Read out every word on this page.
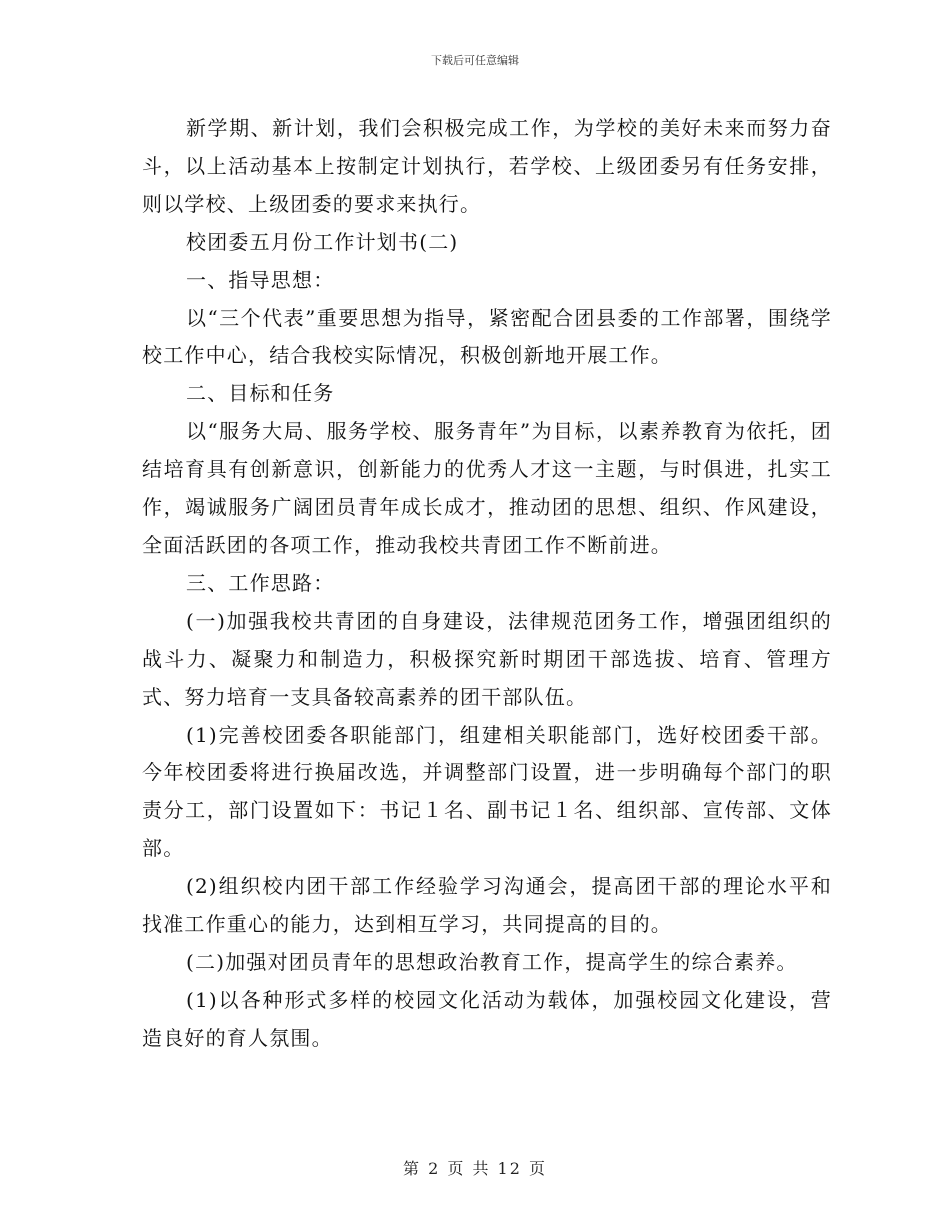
下载后可任意编辑

新学期、新计划，我们会积极完成工作，为学校的美好未来而努力奋斗，以上活动基本上按制定计划执行，若学校、上级团委另有任务安排，则以学校、上级团委的要求来执行。

校团委五月份工作计划书(二)

一、指导思想：

以“三个代表”重要思想为指导，紧密配合团县委的工作部署，围绕学校工作中心，结合我校实际情况，积极创新地开展工作。

二、目标和任务

以“服务大局、服务学校、服务青年”为目标，以素养教育为依托，团结培育具有创新意识，创新能力的优秀人才这一主题，与时俱进，扎实工作，竭诚服务广阔团员青年成长成才，推动团的思想、组织、作风建设，全面活跃团的各项工作，推动我校共青团工作不断前进。

三、工作思路：

(一)加强我校共青团的自身建设，法律规范团务工作，增强团组织的战斗力、凝聚力和制造力，积极探究新时期团干部选拔、培育、管理方式、努力培育一支具备较高素养的团干部队伍。

(1)完善校团委各职能部门，组建相关职能部门，选好校团委干部。今年校团委将进行换届改选，并调整部门设置，进一步明确每个部门的职责分工，部门设置如下：书记１名、副书记１名、组织部、宣传部、文体部。

(2)组织校内团干部工作经验学习沟通会，提高团干部的理论水平和找准工作重心的能力，达到相互学习，共同提高的目的。

(二)加强对团员青年的思想政治教育工作，提高学生的综合素养。

(1)以各种形式多样的校园文化活动为载体，加强校园文化建设，营造良好的育人氛围。

第 2 页 共 12 页
